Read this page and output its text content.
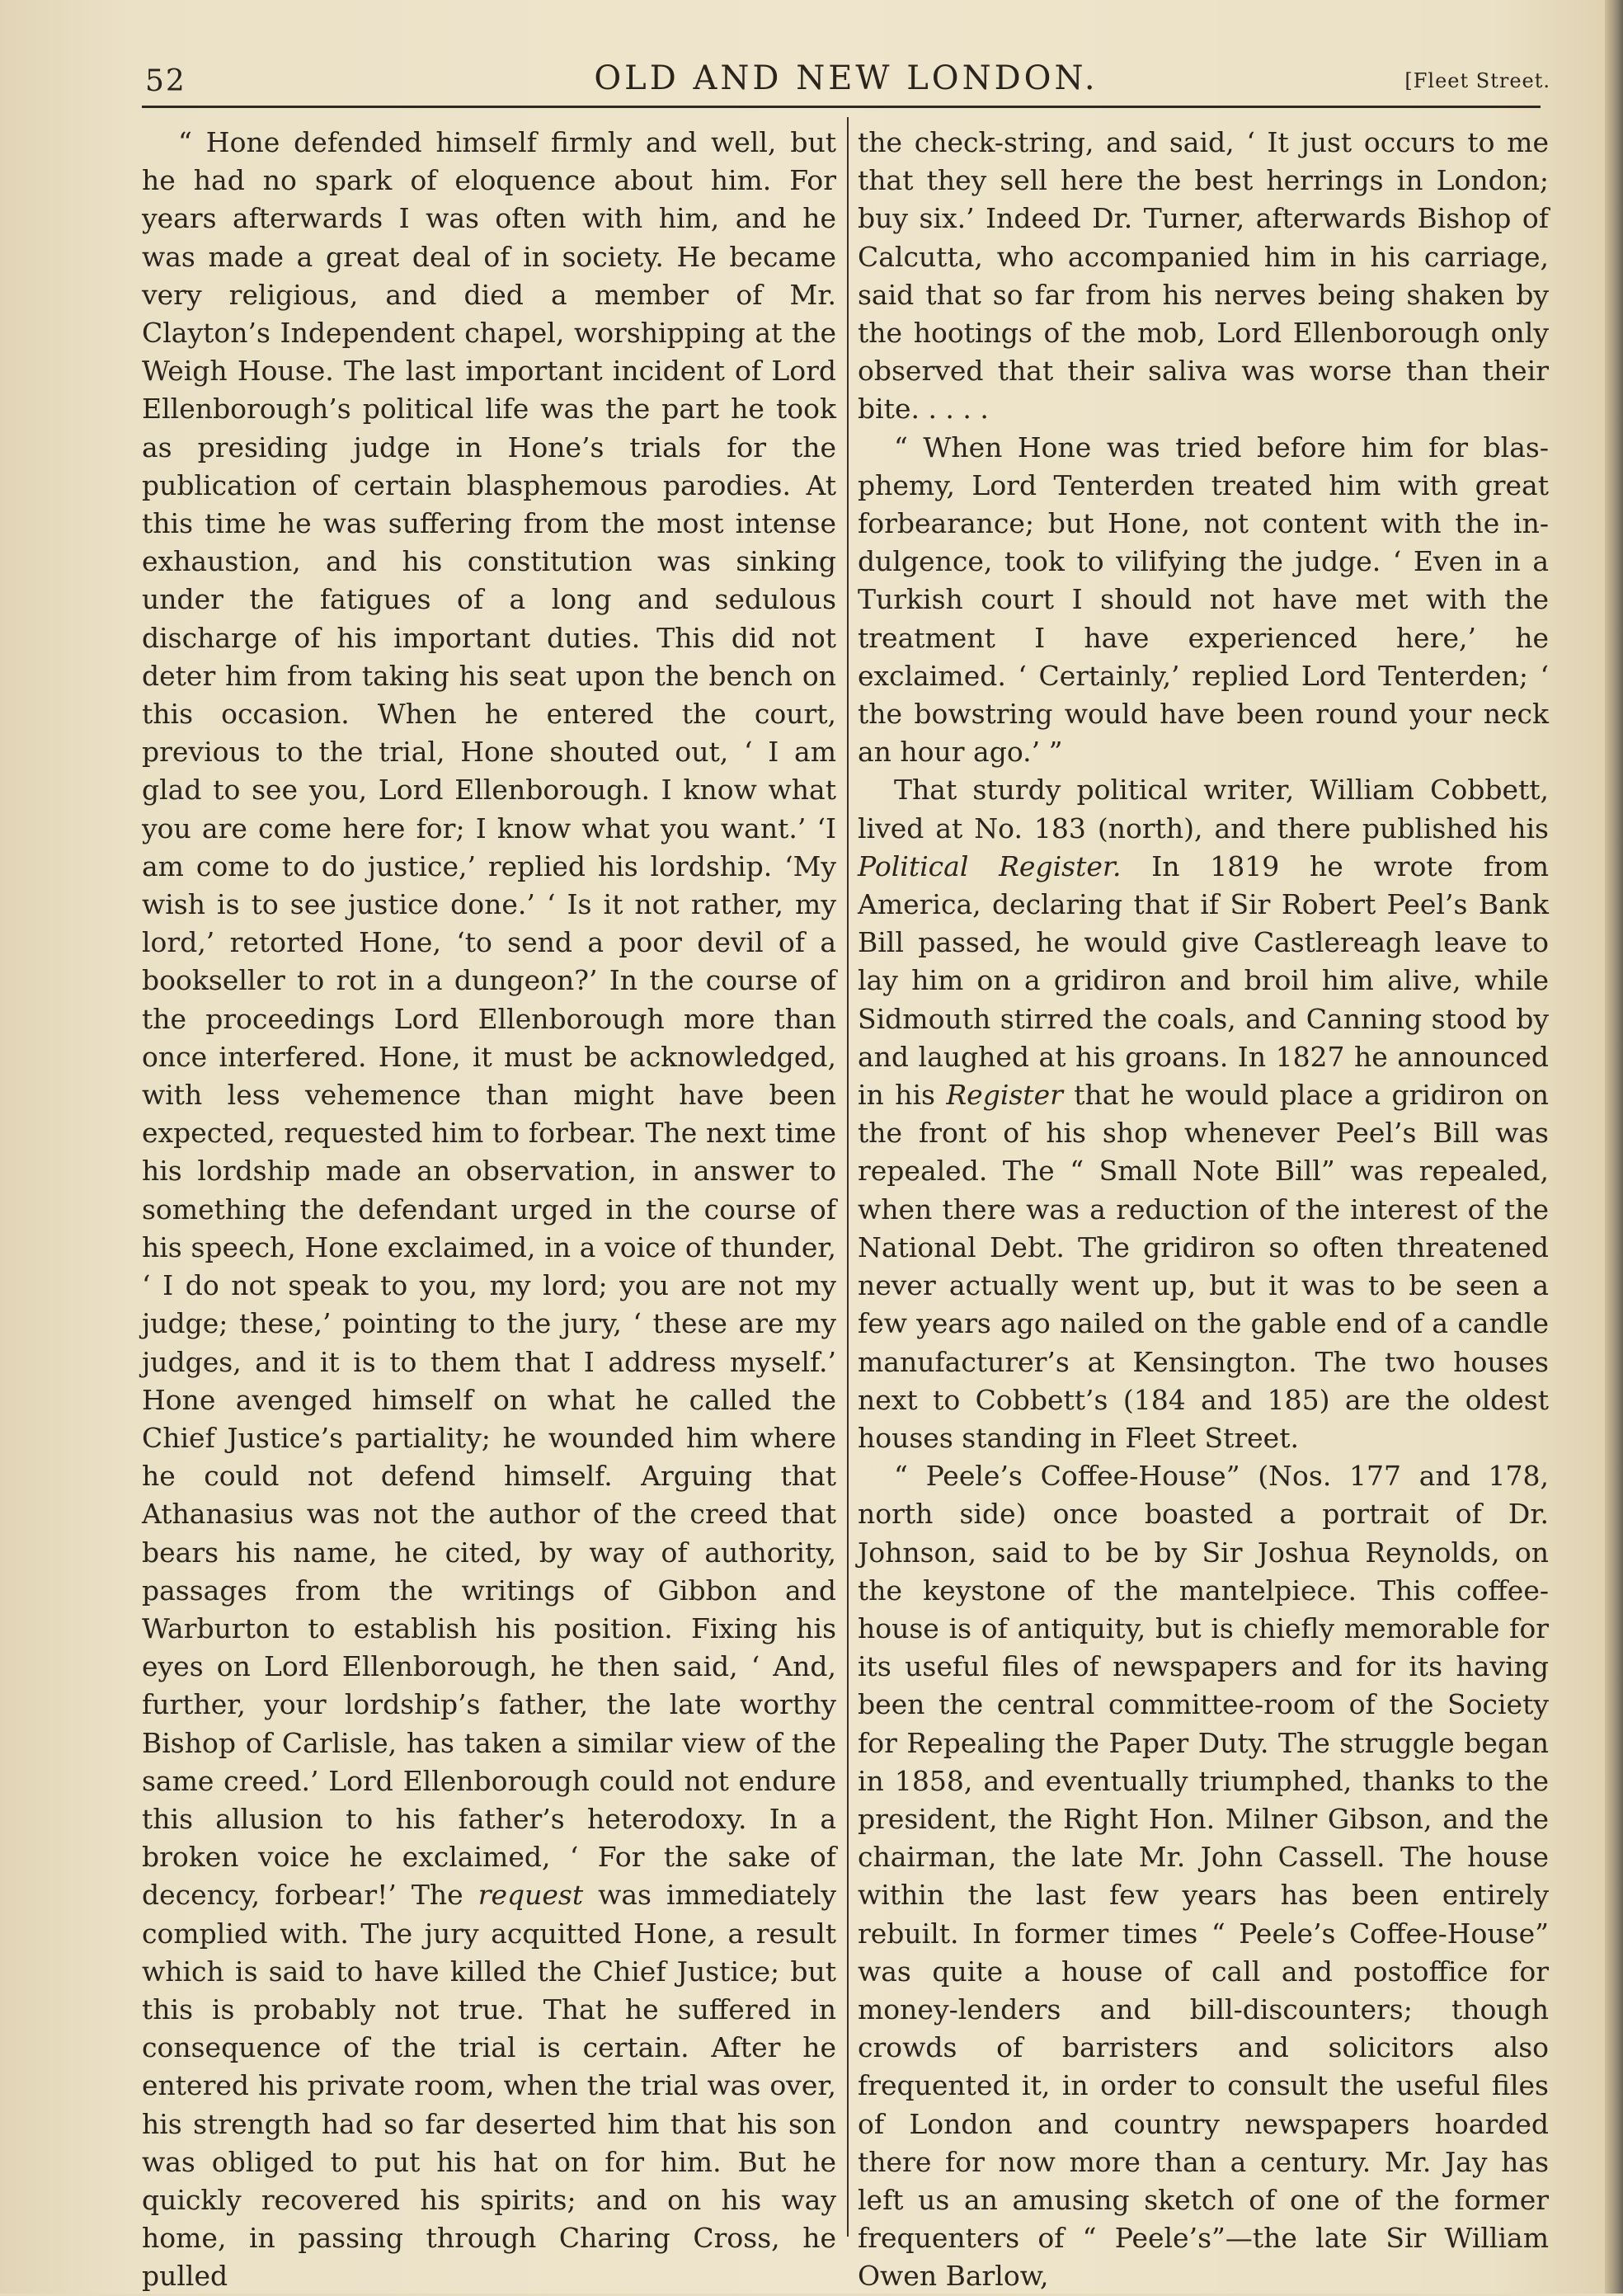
52	OLD AND NEW LONDON.	[Fleet Street.

“ Hone defended himself firmly and well, but he had no spark of eloquence about him. For years afterwards I was often with him, and he was made a great deal of in society. He became very religious, and died a member of Mr. Clayton’s Independent chapel, worshipping at the Weigh House. The last important incident of Lord Ellenborough’s political life was the part he took as presiding judge in Hone’s trials for the publication of certain blasphemous parodies. At this time he was suffering from the most intense exhaustion, and his constitution was sinking under the fatigues of a long and sedulous discharge of his important duties. This did not deter him from taking his seat upon the bench on this occasion. When he entered the court, previous to the trial, Hone shouted out, ‘ I am glad to see you, Lord Ellenborough. I know what you are come here for; I know what you want.’ ‘I am come to do justice,’ replied his lordship. ‘My wish is to see justice done.’ ‘ Is it not rather, my lord,’ retorted Hone, ‘to send a poor devil of a bookseller to rot in a dungeon?’ In the course of the proceedings Lord Ellenborough more than once interfered. Hone, it must be acknowledged, with less vehemence than might have been expected, requested him to forbear. The next time his lordship made an observation, in answer to something the defendant urged in the course of his speech, Hone exclaimed, in a voice of thunder, ‘ I do not speak to you, my lord; you are not my judge; these,’ pointing to the jury, ‘ these are my judges, and it is to them that I address myself.’ Hone avenged himself on what he called the Chief Justice’s partiality; he wounded him where he could not defend himself. Arguing that Athanasius was not the author of the creed that bears his name, he cited, by way of authority, passages from the writings of Gibbon and Warburton to establish his position. Fixing his eyes on Lord Ellenborough, he then said, ‘ And, further, your lordship’s father, the late worthy Bishop of Carlisle, has taken a similar view of the same creed.’ Lord Ellenborough could not endure this allusion to his father’s heterodoxy. In a broken voice he exclaimed, ‘ For the sake of decency, forbear!’ The request was immediately complied with. The jury acquitted Hone, a result which is said to have killed the Chief Justice; but this is probably not true. That he suffered in consequence of the trial is certain. After he entered his private room, when the trial was over, his strength had so far deserted him that his son was obliged to put his hat on for him. But he quickly recovered his spirits; and on his way home, in passing through Charing Cross, he pulled

the check-string, and said, ‘ It just occurs to me that they sell here the best herrings in London; buy six.’ Indeed Dr. Turner, afterwards Bishop of Calcutta, who accompanied him in his carriage, said that so far from his nerves being shaken by the hootings of the mob, Lord Ellenborough only observed that their saliva was worse than their bite. . . . .

“ When Hone was tried before him for blasphemy, Lord Tenterden treated him with great forbearance; but Hone, not content with the indulgence, took to vilifying the judge. ‘ Even in a Turkish court I should not have met with the treatment I have experienced here,’ he exclaimed. ‘ Certainly,’ replied Lord Tenterden; ‘ the bowstring would have been round your neck an hour ago.’ ”

That sturdy political writer, William Cobbett, lived at No. 183 (north), and there published his Political Register. In 1819 he wrote from America, declaring that if Sir Robert Peel’s Bank Bill passed, he would give Castlereagh leave to lay him on a gridiron and broil him alive, while Sidmouth stirred the coals, and Canning stood by and laughed at his groans. In 1827 he announced in his Register that he would place a gridiron on the front of his shop whenever Peel’s Bill was repealed. The “ Small Note Bill” was repealed, when there was a reduction of the interest of the National Debt. The gridiron so often threatened never actually went up, but it was to be seen a few years ago nailed on the gable end of a candle manufacturer’s at Kensington. The two houses next to Cobbett’s (184 and 185) are the oldest houses standing in Fleet Street.

“ Peele’s Coffee-House” (Nos. 177 and 178, north side) once boasted a portrait of Dr. Johnson, said to be by Sir Joshua Reynolds, on the keystone of the mantelpiece. This coffee-house is of antiquity, but is chiefly memorable for its useful files of newspapers and for its having been the central committee-room of the Society for Repealing the Paper Duty. The struggle began in 1858, and eventually triumphed, thanks to the president, the Right Hon. Milner Gibson, and the chairman, the late Mr. John Cassell. The house within the last few years has been entirely rebuilt. In former times “ Peele’s Coffee-House” was quite a house of call and postoffice for money-lenders and bill-discounters; though crowds of barristers and solicitors also frequented it, in order to consult the useful files of London and country newspapers hoarded there for now more than a century. Mr. Jay has left us an amusing sketch of one of the former frequenters of “ Peele’s”—the late Sir William Owen Barlow,
